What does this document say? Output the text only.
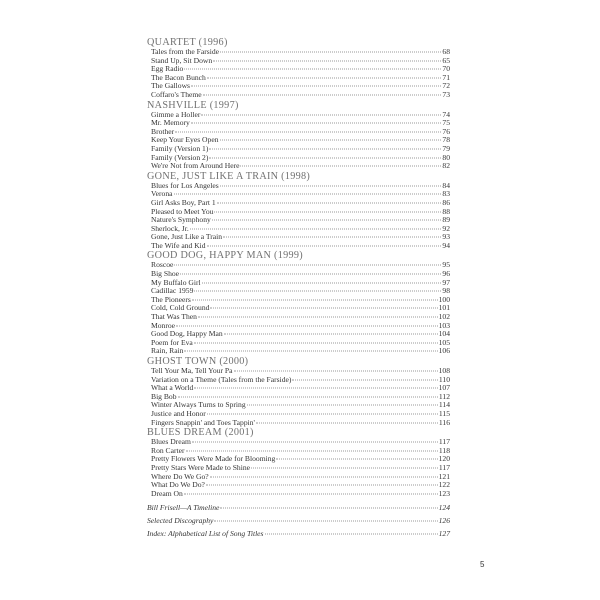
QUARTET (1996)
Tales from the Farside	68
Stand Up, Sit Down	65
Egg Radio	70
The Bacon Bunch	71
The Gallows	72
Coffaro's Theme	73
NASHVILLE (1997)
Gimme a Holler	74
Mr. Memory	75
Brother	76
Keep Your Eyes Open	78
Family (Version 1)	79
Family (Version 2)	80
We're Not from Around Here	82
GONE, JUST LIKE A TRAIN (1998)
Blues for Los Angeles	84
Verona	83
Girl Asks Boy, Part 1	86
Pleased to Meet You	88
Nature's Symphony	89
Sherlock, Jr.	92
Gone, Just Like a Train	93
The Wife and Kid	94
GOOD DOG, HAPPY MAN (1999)
Roscoe	95
Big Shoe	96
My Buffalo Girl	97
Cadillac 1959	98
The Pioneers	100
Cold, Cold Ground	101
That Was Then	102
Monroe	103
Good Dog, Happy Man	104
Poem for Eva	105
Rain, Rain	106
GHOST TOWN (2000)
Tell Your Ma, Tell Your Pa	108
Variation on a Theme (Tales from the Farside)	110
What a World	107
Big Bob	112
Winter Always Turns to Spring	114
Justice and Honor	115
Fingers Snappin' and Toes Tappin'	116
BLUES DREAM (2001)
Blues Dream	117
Ron Carter	118
Pretty Flowers Were Made for Blooming	120
Pretty Stars Were Made to Shine	117
Where Do We Go?	121
What Do We Do?	122
Dream On	123
Bill Frisell—A Timeline	124
Selected Discography	126
Index: Alphabetical List of Song Titles	127
5
